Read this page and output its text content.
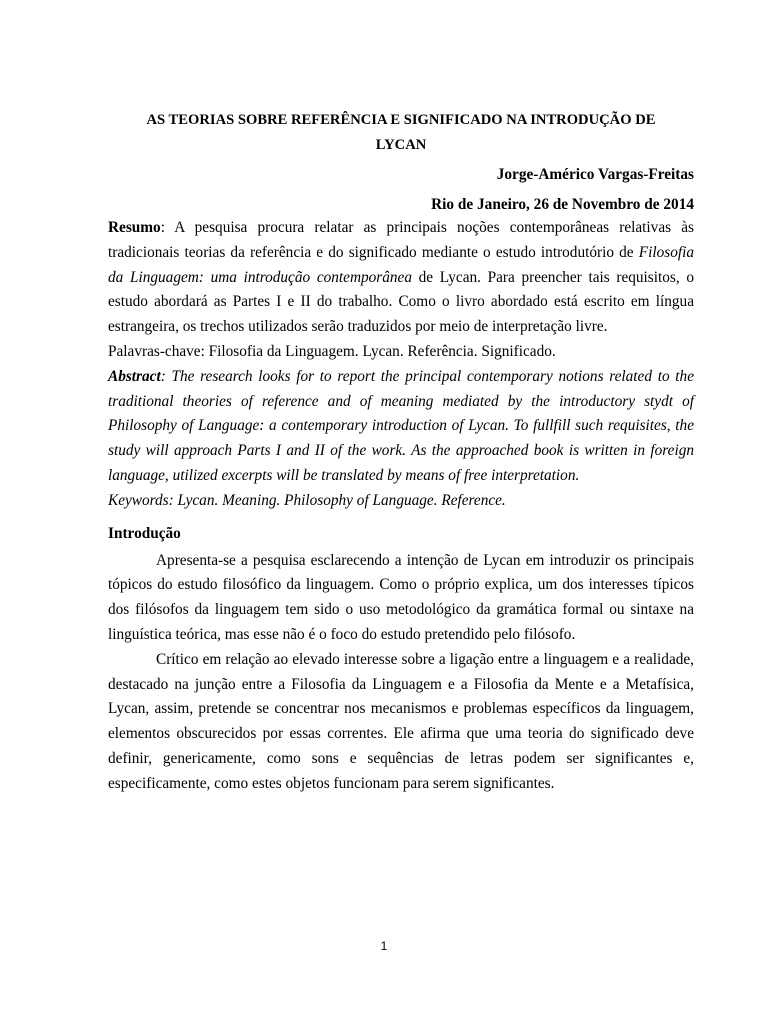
AS TEORIAS SOBRE REFERÊNCIA E SIGNIFICADO NA INTRODUÇÃO DE
LYCAN
Jorge-Américo Vargas-Freitas
Rio de Janeiro, 26 de Novembro de 2014

Resumo: A pesquisa procura relatar as principais noções contemporâneas relativas às tradicionais teorias da referência e do significado mediante o estudo introdutório de Filosofia da Linguagem: uma introdução contemporânea de Lycan. Para preencher tais requisitos, o estudo abordará as Partes I e II do trabalho. Como o livro abordado está escrito em língua estrangeira, os trechos utilizados serão traduzidos por meio de interpretação livre.

Palavras-chave: Filosofia da Linguagem. Lycan. Referência. Significado.

Abstract: The research looks for to report the principal contemporary notions related to the traditional theories of reference and of meaning mediated by the introductory stydt of Philosophy of Language: a contemporary introduction of Lycan. To fullfill such requisites, the study will approach Parts I and II of the work. As the approached book is written in foreign language, utilized excerpts will be translated by means of free interpretation.

Keywords: Lycan. Meaning. Philosophy of Language. Reference.

Introdução

Apresenta-se a pesquisa esclarecendo a intenção de Lycan em introduzir os principais tópicos do estudo filosófico da linguagem. Como o próprio explica, um dos interesses típicos dos filósofos da linguagem tem sido o uso metodológico da gramática formal ou sintaxe na linguística teórica, mas esse não é o foco do estudo pretendido pelo filósofo.

Crítico em relação ao elevado interesse sobre a ligação entre a linguagem e a realidade, destacado na junção entre a Filosofia da Linguagem e a Filosofia da Mente e a Metafísica, Lycan, assim, pretende se concentrar nos mecanismos e problemas específicos da linguagem, elementos obscurecidos por essas correntes. Ele afirma que uma teoria do significado deve definir, genericamente, como sons e sequências de letras podem ser significantes e, especificamente, como estes objetos funcionam para serem significantes.

1
